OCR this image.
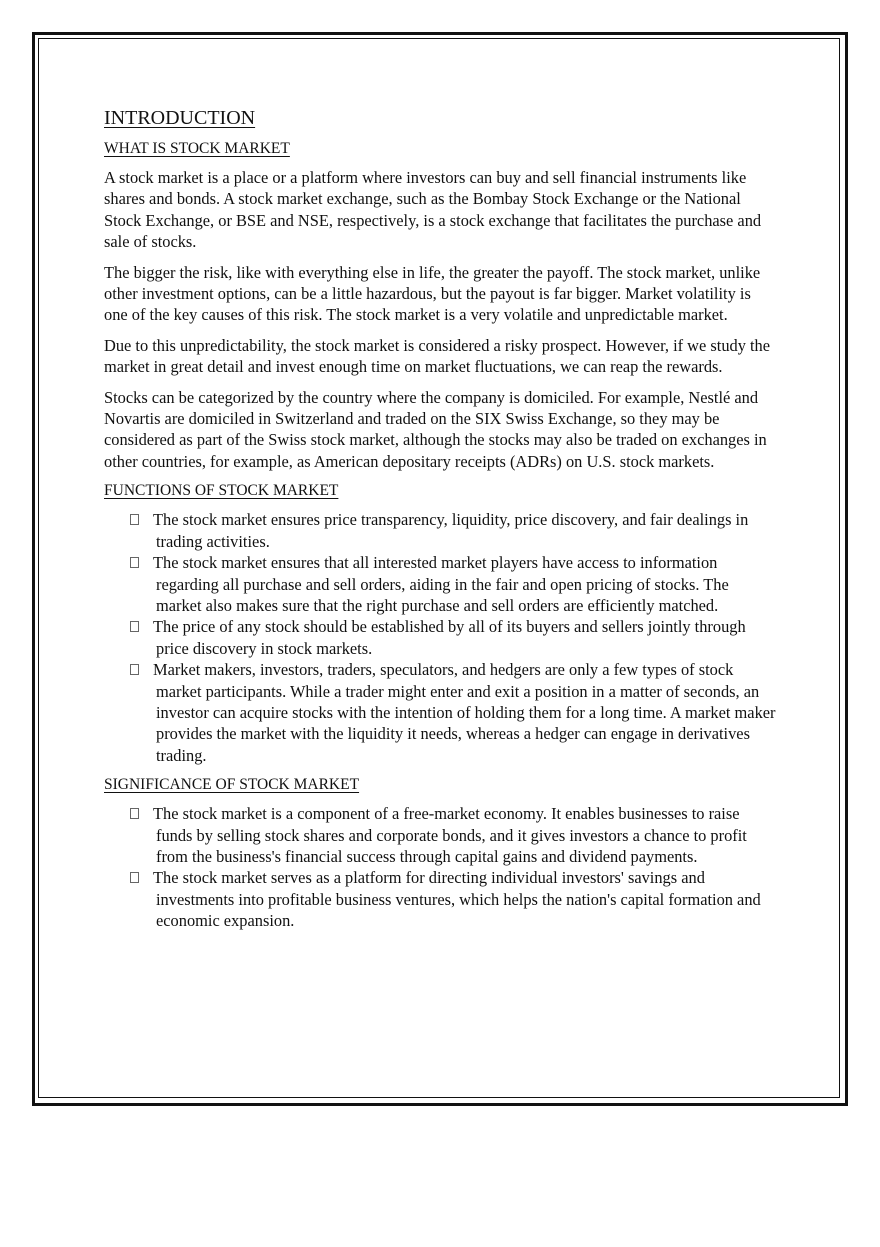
INTRODUCTION
WHAT IS STOCK MARKET

A stock market is a place or a platform where investors can buy and sell financial instruments like shares and bonds. A stock market exchange, such as the Bombay Stock Exchange or the National Stock Exchange, or BSE and NSE, respectively, is a stock exchange that facilitates the purchase and sale of stocks.

The bigger the risk, like with everything else in life, the greater the payoff. The stock market, unlike other investment options, can be a little hazardous, but the payout is far bigger. Market volatility is one of the key causes of this risk. The stock market is a very volatile and unpredictable market.

Due to this unpredictability, the stock market is considered a risky prospect. However, if we study the market in great detail and invest enough time on market fluctuations, we can reap the rewards.

Stocks can be categorized by the country where the company is domiciled. For example, Nestlé and Novartis are domiciled in Switzerland and traded on the SIX Swiss Exchange, so they may be considered as part of the Swiss stock market, although the stocks may also be traded on exchanges in other countries, for example, as American depositary receipts (ADRs) on U.S. stock markets.

FUNCTIONS OF STOCK MARKET
The stock market ensures price transparency, liquidity, price discovery, and fair dealings in trading activities.
The stock market ensures that all interested market players have access to information regarding all purchase and sell orders, aiding in the fair and open pricing of stocks. The market also makes sure that the right purchase and sell orders are efficiently matched.
The price of any stock should be established by all of its buyers and sellers jointly through price discovery in stock markets.
Market makers, investors, traders, speculators, and hedgers are only a few types of stock market participants. While a trader might enter and exit a position in a matter of seconds, an investor can acquire stocks with the intention of holding them for a long time. A market maker provides the market with the liquidity it needs, whereas a hedger can engage in derivatives trading.
SIGNIFICANCE OF STOCK MARKET
The stock market is a component of a free-market economy. It enables businesses to raise funds by selling stock shares and corporate bonds, and it gives investors a chance to profit from the business's financial success through capital gains and dividend payments.
The stock market serves as a platform for directing individual investors' savings and investments into profitable business ventures, which helps the nation's capital formation and economic expansion.
